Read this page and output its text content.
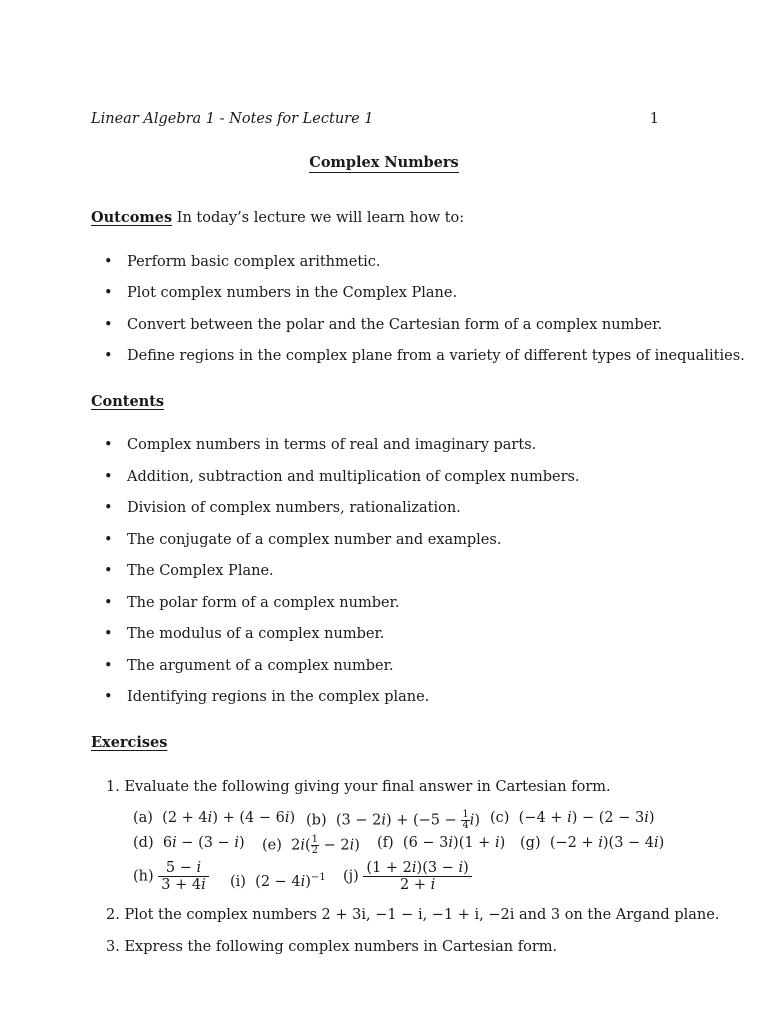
Linear Algebra 1 - Notes for Lecture 1	1
Complex Numbers
Outcomes In today’s lecture we will learn how to:
• Perform basic complex arithmetic.
• Plot complex numbers in the Complex Plane.
• Convert between the polar and the Cartesian form of a complex number.
• Define regions in the complex plane from a variety of different types of inequalities.
Contents
• Complex numbers in terms of real and imaginary parts.
• Addition, subtraction and multiplication of complex numbers.
• Division of complex numbers, rationalization.
• The conjugate of a complex number and examples.
• The Complex Plane.
• The polar form of a complex number.
• The modulus of a complex number.
• The argument of a complex number.
• Identifying regions in the complex plane.
Exercises
1. Evaluate the following giving your final answer in Cartesian form.
(a)  (2 + 4i) + (4 − 6i) (b)  $(3 - 2i) + (-5 - \frac{1}{4} i)$ (c)  (−4 + i) − (2 − 3i)
(d)  6i − (3 − i) (e)  $2i( \frac{1}{2} - 2i)$ (f)  (6 − 3i)(1 + i) (g)  (−2 + i)(3 − 4i)
$(h) \frac{5 - i}{3 + 4i} (i) (2 - 4i)^{-1}$ $(j) \frac{(1 + 2i)(3 - i)}{2 + i}$
2. Plot the complex numbers 2 + 3i, −1 − i, −1 + i, −2i and 3 on the Argand plane.
3. Express the following complex numbers in Cartesian form.
